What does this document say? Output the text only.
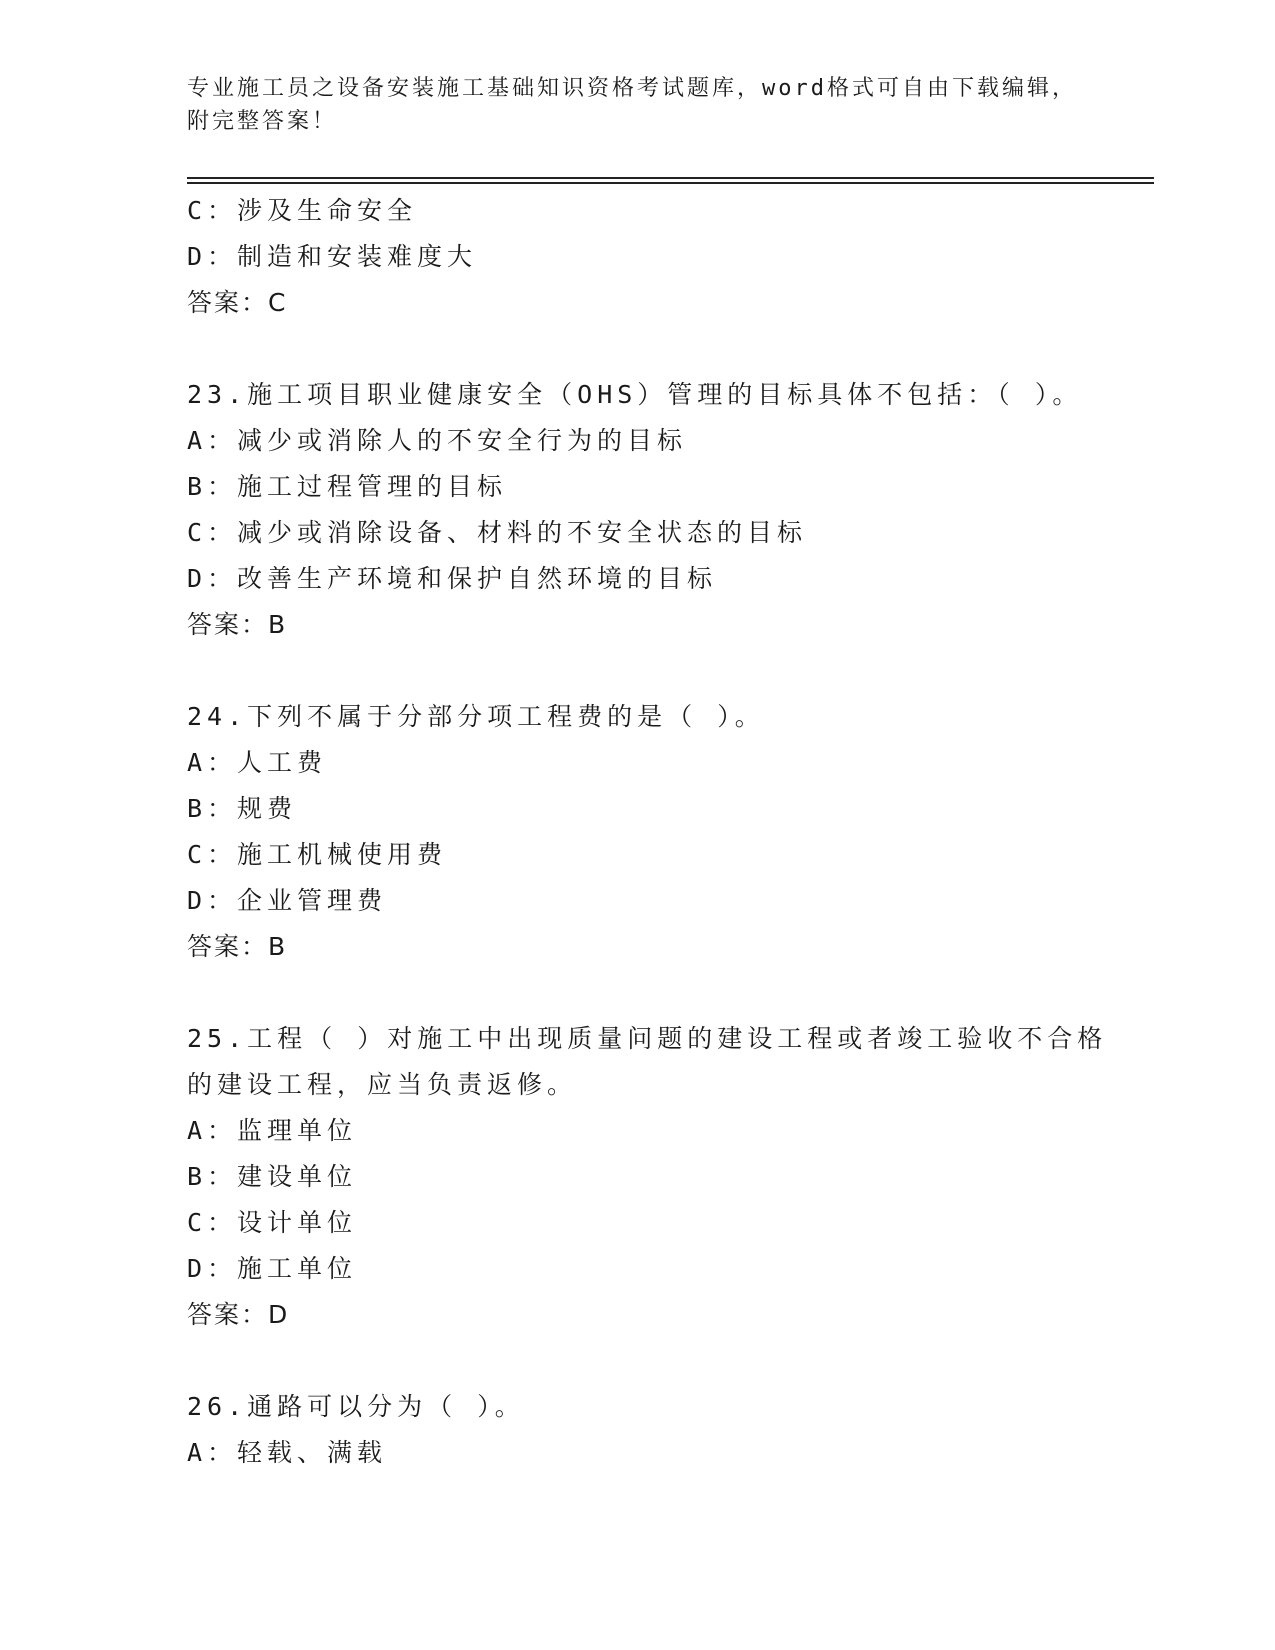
专业施工员之设备安装施工基础知识资格考试题库，word格式可自由下载编辑，
附完整答案！
C：涉及生命安全
D：制造和安装难度大
答案：C
23.施工项目职业健康安全（OHS）管理的目标具体不包括：（ ）。
A：减少或消除人的不安全行为的目标
B：施工过程管理的目标
C：减少或消除设备、材料的不安全状态的目标
D：改善生产环境和保护自然环境的目标
答案：B
24.下列不属于分部分项工程费的是（ ）。
A：人工费
B：规费
C：施工机械使用费
D：企业管理费
答案：B
25.工程（ ）对施工中出现质量问题的建设工程或者竣工验收不合格
的建设工程，应当负责返修。
A：监理单位
B：建设单位
C：设计单位
D：施工单位
答案：D
26.通路可以分为（ ）。
A：轻载、满载
